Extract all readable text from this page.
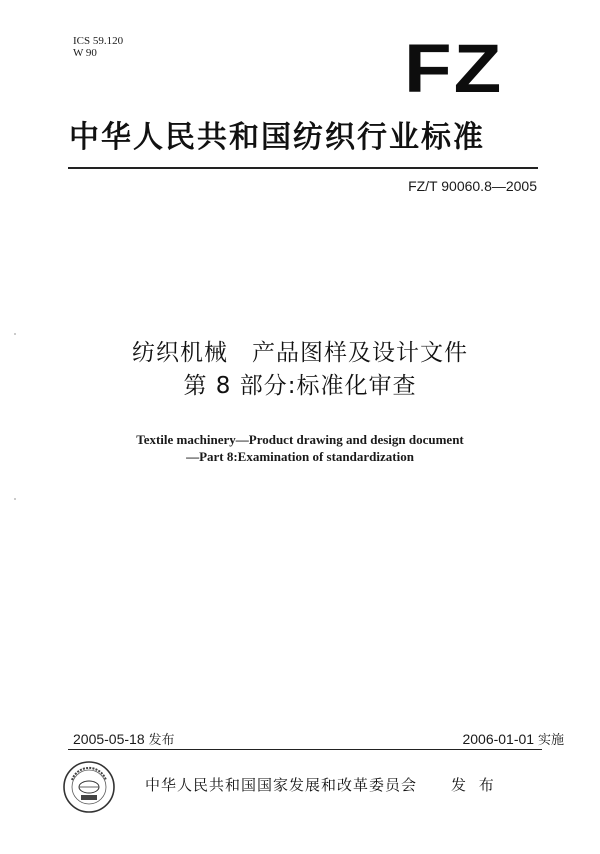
ICS 59.120
W 90	FZ
中华人民共和国纺织行业标准
FZ/T 90060.8—2005
纺织机械　产品图样及设计文件
第 8 部分:标准化审查
Textile machinery—Product drawing and design document
—Part 8:Examination of standardization
2005-05-18 发布	2006-01-01 实施
中华人民共和国国家发展和改革委员会 发 布
